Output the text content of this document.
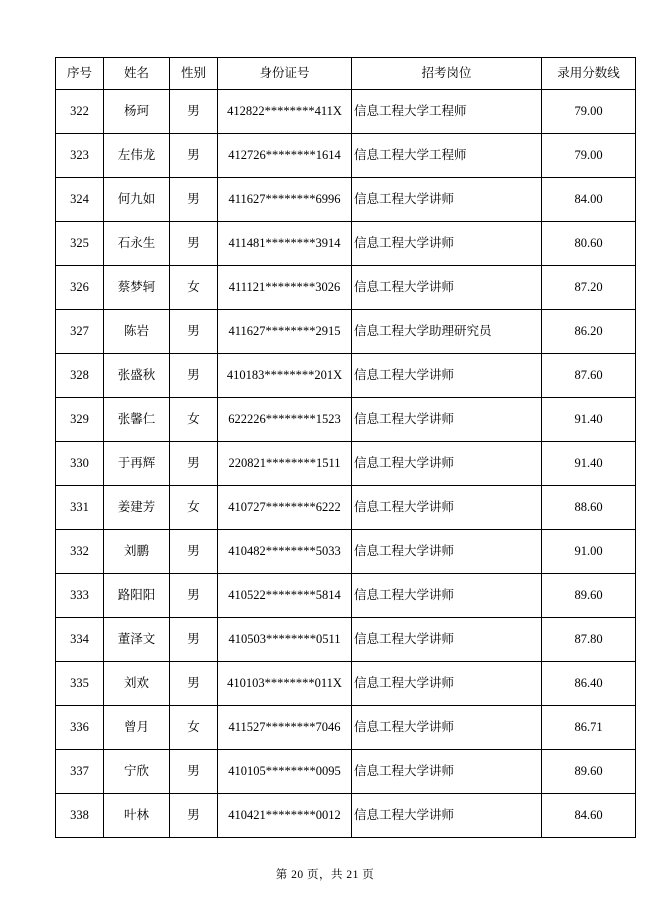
序号	姓名	性别	身份证号	招考岗位	录用分数线
322	杨珂	男	412822********411X	信息工程大学工程师	79.00
323	左伟龙	男	412726********1614	信息工程大学工程师	79.00
324	何九如	男	411627********6996	信息工程大学讲师	84.00
325	石永生	男	411481********3914	信息工程大学讲师	80.60
326	蔡梦轲	女	411121********3026	信息工程大学讲师	87.20
327	陈岩	男	411627********2915	信息工程大学助理研究员	86.20
328	张盛秋	男	410183********201X	信息工程大学讲师	87.60
329	张馨仁	女	622226********1523	信息工程大学讲师	91.40
330	于再辉	男	220821********1511	信息工程大学讲师	91.40
331	姜建芳	女	410727********6222	信息工程大学讲师	88.60
332	刘鹏	男	410482********5033	信息工程大学讲师	91.00
333	路阳阳	男	410522********5814	信息工程大学讲师	89.60
334	董泽文	男	410503********0511	信息工程大学讲师	87.80
335	刘欢	男	410103********011X	信息工程大学讲师	86.40
336	曾月	女	411527********7046	信息工程大学讲师	86.71
337	宁欣	男	410105********0095	信息工程大学讲师	89.60
338	叶林	男	410421********0012	信息工程大学讲师	84.60
第 20 页，共 21 页
